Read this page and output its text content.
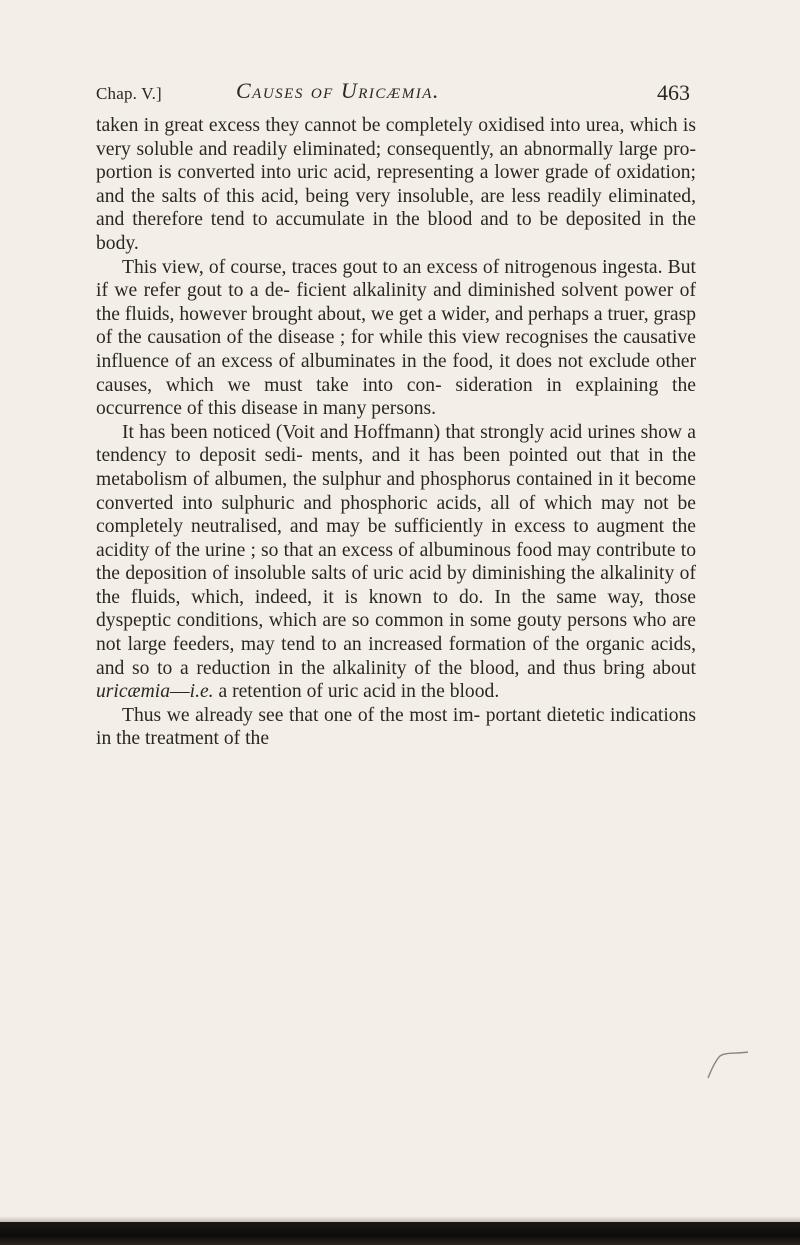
Chap. V.]	Causes of Uricæmia.	463

taken in great excess they cannot be completely oxidised into urea, which is very soluble and readily eliminated; consequently, an abnormally large pro- portion is converted into uric acid, representing a lower grade of oxidation; and the salts of this acid, being very insoluble, are less readily eliminated, and therefore tend to accumulate in the blood and to be deposited in the body.

This view, of course, traces gout to an excess of nitrogenous ingesta. But if we refer gout to a de- ficient alkalinity and diminished solvent power of the fluids, however brought about, we get a wider, and perhaps a truer, grasp of the causation of the disease ; for while this view recognises the causative influence of an excess of albuminates in the food, it does not exclude other causes, which we must take into con- sideration in explaining the occurrence of this disease in many persons.

It has been noticed (Voit and Hoffmann) that strongly acid urines show a tendency to deposit sedi- ments, and it has been pointed out that in the metabolism of albumen, the sulphur and phosphorus contained in it become converted into sulphuric and phosphoric acids, all of which may not be completely neutralised, and may be sufficiently in excess to augment the acidity of the urine ; so that an excess of albuminous food may contribute to the deposition of insoluble salts of uric acid by diminishing the alkalinity of the fluids, which, indeed, it is known to do. In the same way, those dyspeptic conditions, which are so common in some gouty persons who are not large feeders, may tend to an increased formation of the organic acids, and so to a reduction in the alkalinity of the blood, and thus bring about uricæmia—i.e. a retention of uric acid in the blood.

Thus we already see that one of the most im- portant dietetic indications in the treatment of the
